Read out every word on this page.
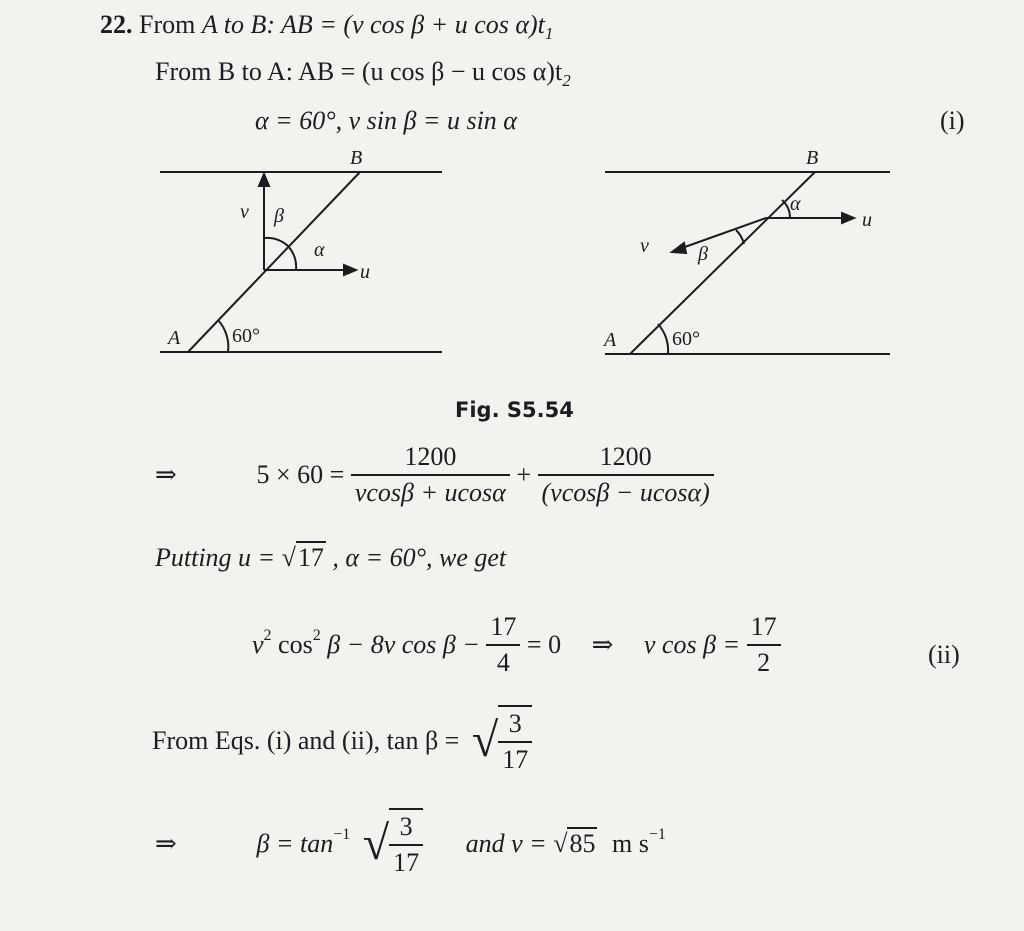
22. From A to B: AB = (v cos β + u $\cos \alpha)t_1$
From B to A: AB = (u cos β − u $\cos \alpha)t_2$
α = 60°, v sin β = u sin α	(i)
B
v β
α
u
A	60°
B
α
u
v β
A	60°
Fig. S5.54
⇒	$5 \times 60 = \frac{1200}{vcos\beta + ucos\alpha} + \frac{1200}{(vcos\beta - ucos\alpha)}$
Putting u = √17 , α = 60°, we get
$v^2$ $\cos^2 \beta - 8v$ $\cos \beta - \frac{17}{4} = 0$ ⇒ v $\cos \beta = \frac{17}{2}$	(ii)
From Eqs. (i) and (ii), tan β = √ $\frac{3}{17}$
⇒	$\beta = \tan^{-1}$ √ $\frac{3}{17}$ and v = √85 m $s^{-1}$
